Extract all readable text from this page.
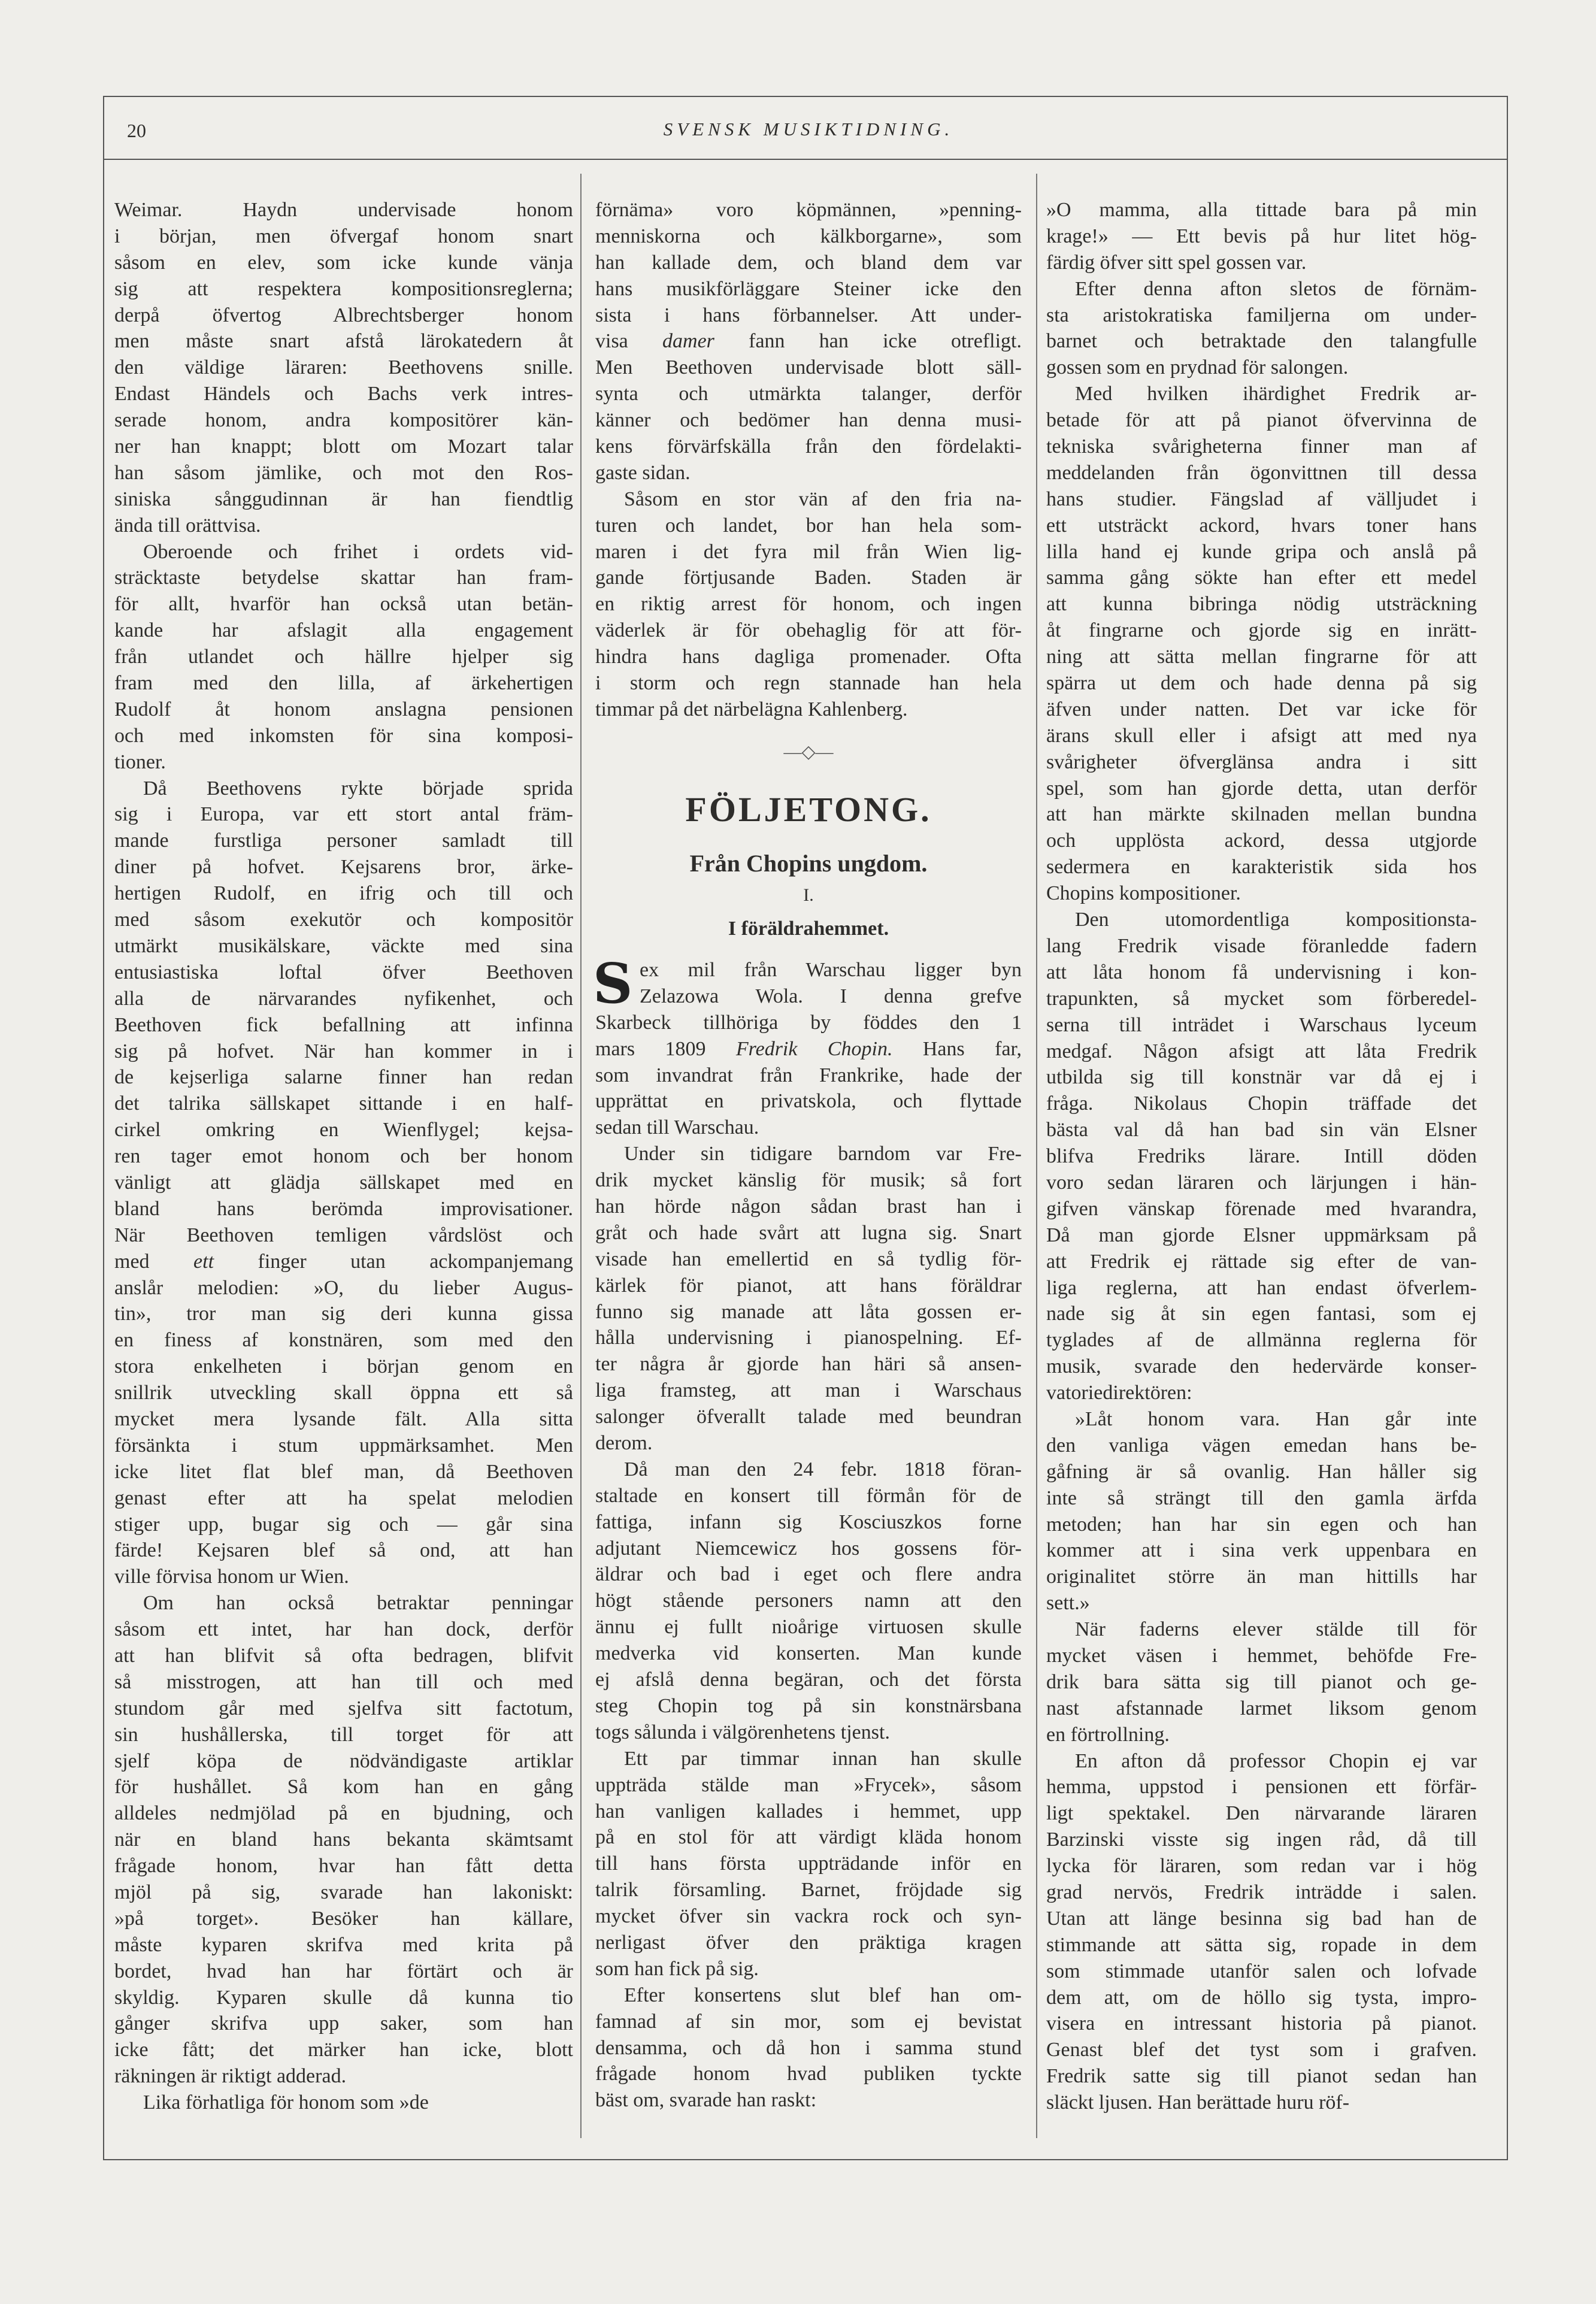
20	SVENSK MUSIKTIDNING.
Weimar. Haydn undervisade honom
i början, men öfvergaf honom snart
såsom en elev, som icke kunde vänja
sig att respektera kompositionsreglerna;
derpå öfvertog Albrechtsberger honom
men måste snart afstå lärokatedern åt
den väldige läraren: Beethovens snille.
Endast Händels och Bachs verk intres-
serade honom, andra kompositörer kän-
ner han knappt; blott om Mozart talar
han såsom jämlike, och mot den Ros-
siniska sånggudinnan är han fiendtlig
ända till orättvisa.
Oberoende och frihet i ordets vid-
sträcktaste betydelse skattar han fram-
för allt, hvarför han också utan betän-
kande har afslagit alla engagement
från utlandet och hällre hjelper sig
fram med den lilla, af ärkehertigen
Rudolf åt honom anslagna pensionen
och med inkomsten för sina komposi-
tioner.
Då Beethovens rykte började sprida
sig i Europa, var ett stort antal främ-
mande furstliga personer samladt till
diner på hofvet. Kejsarens bror, ärke-
hertigen Rudolf, en ifrig och till och
med såsom exekutör och kompositör
utmärkt musikälskare, väckte med sina
entusiastiska loftal öfver Beethoven
alla de närvarandes nyfikenhet, och
Beethoven fick befallning att infinna
sig på hofvet. När han kommer in i
de kejserliga salarne finner han redan
det talrika sällskapet sittande i en half-
cirkel omkring en Wienflygel; kejsa-
ren tager emot honom och ber honom
vänligt att glädja sällskapet med en
bland hans berömda improvisationer.
När Beethoven temligen vårdslöst och
med ett finger utan ackompanjemang
anslår melodien: »O, du lieber Augus-
tin», tror man sig deri kunna gissa
en finess af konstnären, som med den
stora enkelheten i början genom en
snillrik utveckling skall öppna ett så
mycket mera lysande fält. Alla sitta
försänkta i stum uppmärksamhet. Men
icke litet flat blef man, då Beethoven
genast efter att ha spelat melodien
stiger upp, bugar sig och — går sina
färde! Kejsaren blef så ond, att han
ville förvisa honom ur Wien.
Om han också betraktar penningar
såsom ett intet, har han dock, derför
att han blifvit så ofta bedragen, blifvit
så misstrogen, att han till och med
stundom går med sjelfva sitt factotum,
sin hushållerska, till torget för att
sjelf köpa de nödvändigaste artiklar
för hushållet. Så kom han en gång
alldeles nedmjölad på en bjudning, och
när en bland hans bekanta skämtsamt
frågade honom, hvar han fått detta
mjöl på sig, svarade han lakoniskt:
»på torget». Besöker han källare,
måste kyparen skrifva med krita på
bordet, hvad han har förtärt och är
skyldig. Kyparen skulle då kunna tio
gånger skrifva upp saker, som han
icke fått; det märker han icke, blott
räkningen är riktigt adderad.
Lika förhatliga för honom som »de
förnäma» voro köpmännen, »penning-
menniskorna och kälkborgarne», som
han kallade dem, och bland dem var
hans musikförläggare Steiner icke den
sista i hans förbannelser. Att under-
visa damer fann han icke otrefligt.
Men Beethoven undervisade blott säll-
synta och utmärkta talanger, derför
känner och bedömer han denna musi-
kens förvärfskälla från den fördelakti-
gaste sidan.
Såsom en stor vän af den fria na-
turen och landet, bor han hela som-
maren i det fyra mil från Wien lig-
gande förtjusande Baden. Staden är
en riktig arrest för honom, och ingen
väderlek är för obehaglig för att för-
hindra hans dagliga promenader. Ofta
i storm och regn stannade han hela
timmar på det närbelägna Kahlenberg.
»O mamma, alla tittade bara på min
krage!» — Ett bevis på hur litet hög-
färdig öfver sitt spel gossen var.
Efter denna afton sletos de förnäm-
sta aristokratiska familjerna om under-
barnet och betraktade den talangfulle
gossen som en prydnad för salongen.
Med hvilken ihärdighet Fredrik ar-
betade för att på pianot öfvervinna de
tekniska svårigheterna finner man af
meddelanden från ögonvittnen till dessa
hans studier. Fängslad af välljudet i
ett utsträckt ackord, hvars toner hans
lilla hand ej kunde gripa och anslå på
samma gång sökte han efter ett medel
att kunna bibringa nödig utsträckning
åt fingrarne och gjorde sig en inrätt-
ning att sätta mellan fingrarne för att
spärra ut dem och hade denna på sig
äfven under natten. Det var icke för
ärans skull eller i afsigt att med nya
svårigheter öfverglänsa andra i sitt
spel, som han gjorde detta, utan derför
att han märkte skilnaden mellan bundna
och upplösta ackord, dessa utgjorde
sedermera en karakteristik sida hos
Chopins kompositioner.
Den utomordentliga kompositionsta-
lang Fredrik visade föranledde fadern
att låta honom få undervisning i kon-
trapunkten, så mycket som förberedel-
serna till inträdet i Warschaus lyceum
medgaf. Någon afsigt att låta Fredrik
utbilda sig till konstnär var då ej i
fråga. Nikolaus Chopin träffade det
bästa val då han bad sin vän Elsner
blifva Fredriks lärare. Intill döden
voro sedan läraren och lärjungen i hän-
gifven vänskap förenade med hvarandra,
Då man gjorde Elsner uppmärksam på
att Fredrik ej rättade sig efter de van-
liga reglerna, att han endast öfverlem-
nade sig åt sin egen fantasi, som ej
tyglades af de allmänna reglerna för
musik, svarade den hedervärde konser-
vatoriedirektören:
»Låt honom vara. Han går inte
den vanliga vägen emedan hans be-
gåfning är så ovanlig. Han håller sig
inte så strängt till den gamla ärfda
metoden; han har sin egen och han
kommer att i sina verk uppenbara en
originalitet större än man hittills har
sett.»
När faderns elever stälde till för
mycket väsen i hemmet, behöfde Fre-
drik bara sätta sig till pianot och ge-
nast afstannade larmet liksom genom
en förtrollning.
En afton då professor Chopin ej var
hemma, uppstod i pensionen ett förfär-
ligt spektakel. Den närvarande läraren
Barzinski visste sig ingen råd, då till
lycka för läraren, som redan var i hög
grad nervös, Fredrik inträdde i salen.
Utan att länge besinna sig bad han de
stimmande att sätta sig, ropade in dem
som stimmade utanför salen och lofvade
dem att, om de höllo sig tysta, impro-
visera en intressant historia på pianot.
Genast blef det tyst som i grafven.
Fredrik satte sig till pianot sedan han
släckt ljusen. Han berättade huru röf-
—◇—
FÖLJETONG.
Från Chopins ungdom.
I.
I föräldrahemmet.
S ex mil från Warschau ligger byn
Zelazowa Wola. I denna grefve
Skarbeck tillhöriga by föddes den 1
mars 1809 Fredrik Chopin. Hans far,
som invandrat från Frankrike, hade der
upprättat en privatskola, och flyttade
sedan till Warschau.
Under sin tidigare barndom var Fre-
drik mycket känslig för musik; så fort
han hörde någon sådan brast han i
gråt och hade svårt att lugna sig. Snart
visade han emellertid en så tydlig för-
kärlek för pianot, att hans föräldrar
funno sig manade att låta gossen er-
hålla undervisning i pianospelning. Ef-
ter några år gjorde han häri så ansen-
liga framsteg, att man i Warschaus
salonger öfverallt talade med beundran
derom.
Då man den 24 febr. 1818 föran-
staltade en konsert till förmån för de
fattiga, infann sig Kosciuszkos forne
adjutant Niemcewicz hos gossens för-
äldrar och bad i eget och flere andra
högt stående personers namn att den
ännu ej fullt nioårige virtuosen skulle
medverka vid konserten. Man kunde
ej afslå denna begäran, och det första
steg Chopin tog på sin konstnärsbana
togs sålunda i välgörenhetens tjenst.
Ett par timmar innan han skulle
uppträda stälde man »Frycek», såsom
han vanligen kallades i hemmet, upp
på en stol för att värdigt kläda honom
till hans första uppträdande inför en
talrik församling. Barnet, fröjdade sig
mycket öfver sin vackra rock och syn-
nerligast öfver den präktiga kragen
som han fick på sig.
Efter konsertens slut blef han om-
famnad af sin mor, som ej bevistat
densamma, och då hon i samma stund
frågade honom hvad publiken tyckte
bäst om, svarade han raskt:
